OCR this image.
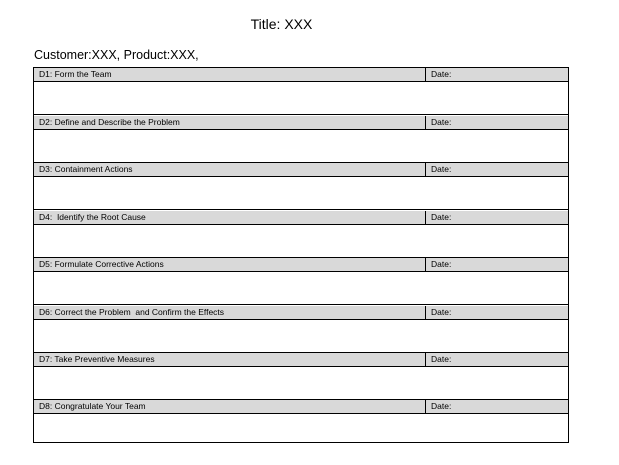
Title: XXX
Customer:XXX, Product:XXX,
D1: Form the Team	Date:
D2: Define and Describe the Problem	Date:
D3: Containment Actions	Date:
D4:  Identify the Root Cause	Date:
D5: Formulate Corrective Actions	Date:
D6: Correct the Problem  and Confirm the Effects	Date:
D7: Take Preventive Measures	Date:
D8: Congratulate Your Team	Date:
